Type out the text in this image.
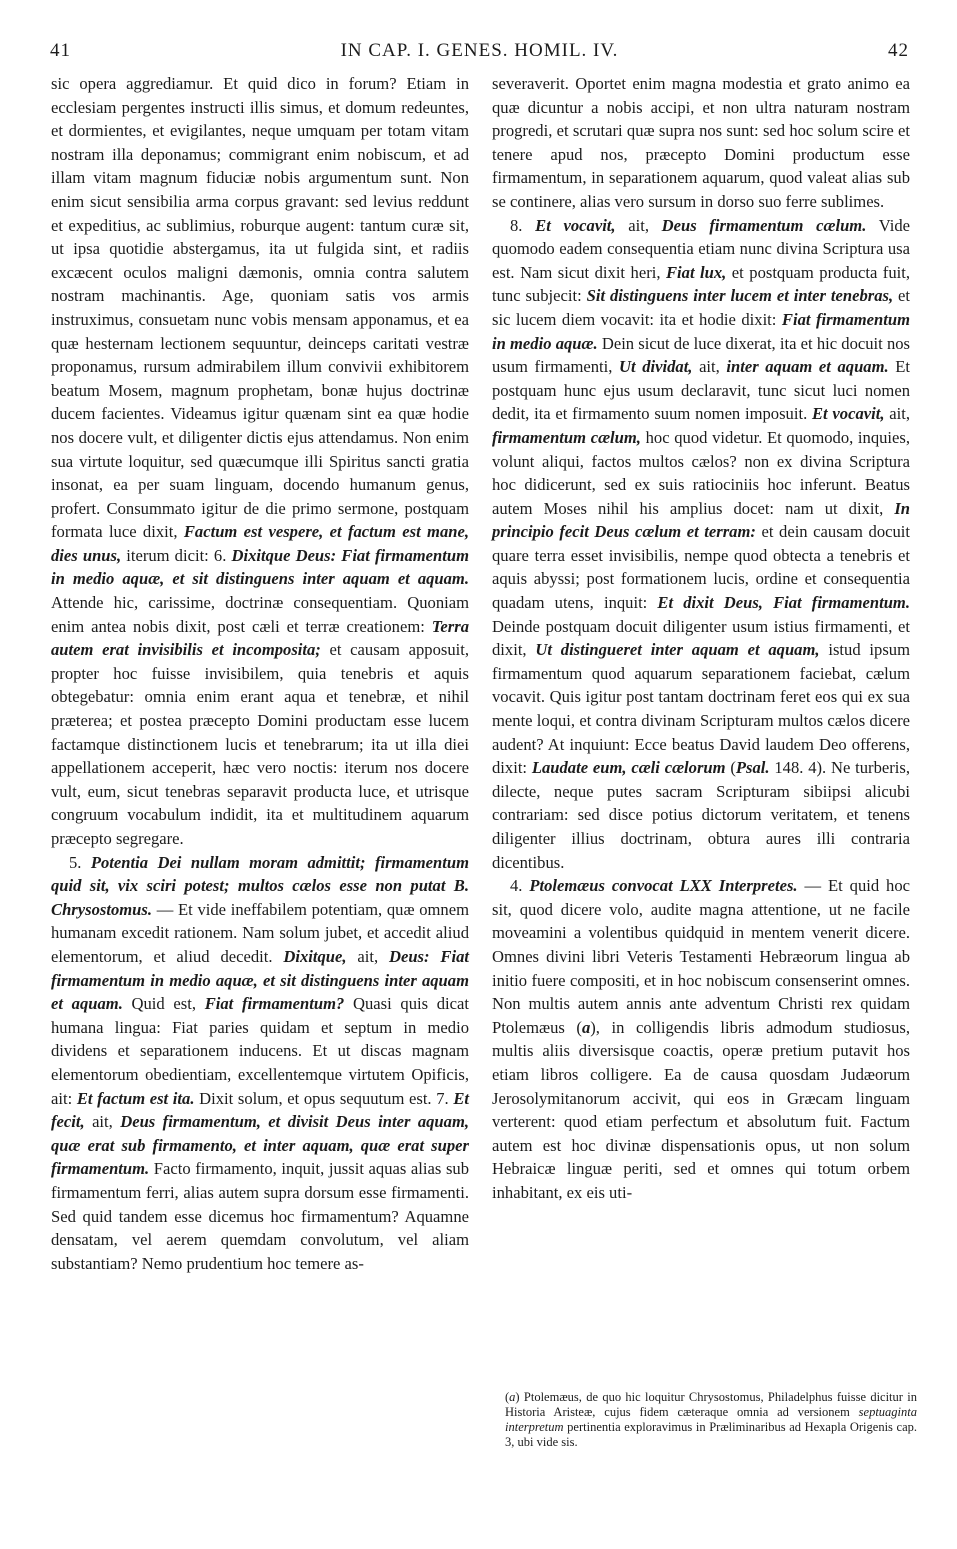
41	IN CAP. I. GENES. HOMIL. IV.	42

sic opera aggrediamur. Et quid dico in forum? Etiam in ecclesiam pergentes instructi illis simus, et domum redeuntes, et dormientes, et evigilantes, neque umquam per totam vitam nostram illa deponamus; commigrant enim nobiscum, et ad illam vitam magnum fiduciæ nobis argumentum sunt. Non enim sicut sensibilia arma corpus gravant: sed levius reddunt et expeditius, ac sublimius, roburque augent: tantum curæ sit, ut ipsa quotidie abstergamus, ita ut fulgida sint, et radiis excæcent oculos maligni dæmonis, omnia contra salutem nostram machinantis. Age, quoniam satis vos armis instruximus, consuetam nunc vobis mensam apponamus, et ea quæ hesternam lectionem sequuntur, deinceps caritati vestræ proponamus, rursum admirabilem illum convivii exhibitorem beatum Mosem, magnum prophetam, bonæ hujus doctrinæ ducem facientes. Videamus igitur quænam sint ea quæ hodie nos docere vult, et diligenter dictis ejus attendamus. Non enim sua virtute loquitur, sed quæcumque illi Spiritus sancti gratia insonat, ea per suam linguam, docendo humanum genus, profert. Consummato igitur de die primo sermone, postquam formata luce dixit, Factum est vespere, et factum est mane, dies unus, iterum dicit: 6. Dixitque Deus: Fiat firmamentum in medio aquæ, et sit distinguens inter aquam et aquam. Attende hic, carissime, doctrinæ consequentiam. Quoniam enim antea nobis dixit, post cæli et terræ creationem: Terra autem erat invisibilis et incomposita; et causam apposuit, propter hoc fuisse invisibilem, quia tenebris et aquis obtegebatur: omnia enim erant aqua et tenebræ, et nihil præterea; et postea præcepto Domini productam esse lucem factamque distinctionem lucis et tenebrarum; ita ut illa diei appellationem acceperit, hæc vero noctis: iterum nos docere vult, eum, sicut tenebras separavit producta luce, et utrisque congruum vocabulum indidit, ita et multitudinem aquarum præcepto segregare.

5. Potentia Dei nullam moram admittit; firmamentum quid sit, vix sciri potest; multos cælos esse non putat B. Chrysostomus. — Et vide ineffabilem potentiam, quæ omnem humanam excedit rationem. Nam solum jubet, et accedit aliud elementorum, et aliud decedit. Dixitque, ait, Deus: Fiat firmamentum in medio aquæ, et sit distinguens inter aquam et aquam. Quid est, Fiat firmamentum? Quasi quis dicat humana lingua: Fiat paries quidam et septum in medio dividens et separationem inducens. Et ut discas magnam elementorum obedientiam, excellentemque virtutem Opificis, ait: Et factum est ita. Dixit solum, et opus sequutum est. 7. Et fecit, ait, Deus firmamentum, et divisit Deus inter aquam, quæ erat sub firmamento, et inter aquam, quæ erat super firmamentum. Facto firmamento, inquit, jussit aquas alias sub firmamentum ferri, alias autem supra dorsum esse firmamenti. Sed quid tandem esse dicemus hoc firmamentum? Aquamne densatam, vel aerem quemdam convolutum, vel aliam substantiam? Nemo prudentium hoc temere as-

severaverit. Oportet enim magna modestia et grato animo ea quæ dicuntur a nobis accipi, et non ultra naturam nostram progredi, et scrutari quæ supra nos sunt: sed hoc solum scire et tenere apud nos, præcepto Domini productum esse firmamentum, in separationem aquarum, quod valeat alias sub se continere, alias vero sursum in dorso suo ferre sublimes.

8. Et vocavit, ait, Deus firmamentum cælum. Vide quomodo eadem consequentia etiam nunc divina Scriptura usa est. Nam sicut dixit heri, Fiat lux, et postquam producta fuit, tunc subjecit: Sit distinguens inter lucem et inter tenebras, et sic lucem diem vocavit: ita et hodie dixit: Fiat firmamentum in medio aquæ. Dein sicut de luce dixerat, ita et hic docuit nos usum firmamenti, Ut dividat, ait, inter aquam et aquam. Et postquam hunc ejus usum declaravit, tunc sicut luci nomen dedit, ita et firmamento suum nomen imposuit. Et vocavit, ait, firmamentum cælum, hoc quod videtur. Et quomodo, inquies, volunt aliqui, factos multos cælos? non ex divina Scriptura hoc didicerunt, sed ex suis ratiociniis hoc inferunt. Beatus autem Moses nihil his amplius docet: nam ut dixit, In principio fecit Deus cælum et terram: et dein causam docuit quare terra esset invisibilis, nempe quod obtecta a tenebris et aquis abyssi; post formationem lucis, ordine et consequentia quadam utens, inquit: Et dixit Deus, Fiat firmamentum. Deinde postquam docuit diligenter usum istius firmamenti, et dixit, Ut distingueret inter aquam et aquam, istud ipsum firmamentum quod aquarum separationem faciebat, cælum vocavit. Quis igitur post tantam doctrinam feret eos qui ex sua mente loqui, et contra divinam Scripturam multos cælos dicere audent? At inquiunt: Ecce beatus David laudem Deo offerens, dixit: Laudate eum, cæli cælorum (Psal. 148. 4). Ne turberis, dilecte, neque putes sacram Scripturam sibiipsi alicubi contrariam: sed disce potius dictorum veritatem, et tenens diligenter illius doctrinam, obtura aures illi contraria dicentibus.

4. Ptolemæus convocat LXX Interpretes. — Et quid hoc sit, quod dicere volo, audite magna attentione, ut ne facile moveamini a volentibus quidquid in mentem venerit dicere. Omnes divini libri Veteris Testamenti Hebræorum lingua ab initio fuere compositi, et in hoc nobiscum consenserint omnes. Non multis autem annis ante adventum Christi rex quidam Ptolemæus (a), in colligendis libris admodum studiosus, multis aliis diversisque coactis, operæ pretium putavit hos etiam libros colligere. Ea de causa quosdam Judæorum Jerosolymitanorum accivit, qui eos in Græcam linguam verterent: quod etiam perfectum et absolutum fuit. Factum autem est hoc divinæ dispensationis opus, ut non solum Hebraicæ linguæ periti, sed et omnes qui totum orbem inhabitant, ex eis uti-

(a) Ptolemæus, de quo hic loquitur Chrysostomus, Philadelphus fuisse dicitur in Historia Aristeæ, cujus fidem cæteraque omnia ad versionem septuaginta interpretum pertinentia exploravimus in Præliminaribus ad Hexapla Origenis cap. 3, ubi vide sis.
